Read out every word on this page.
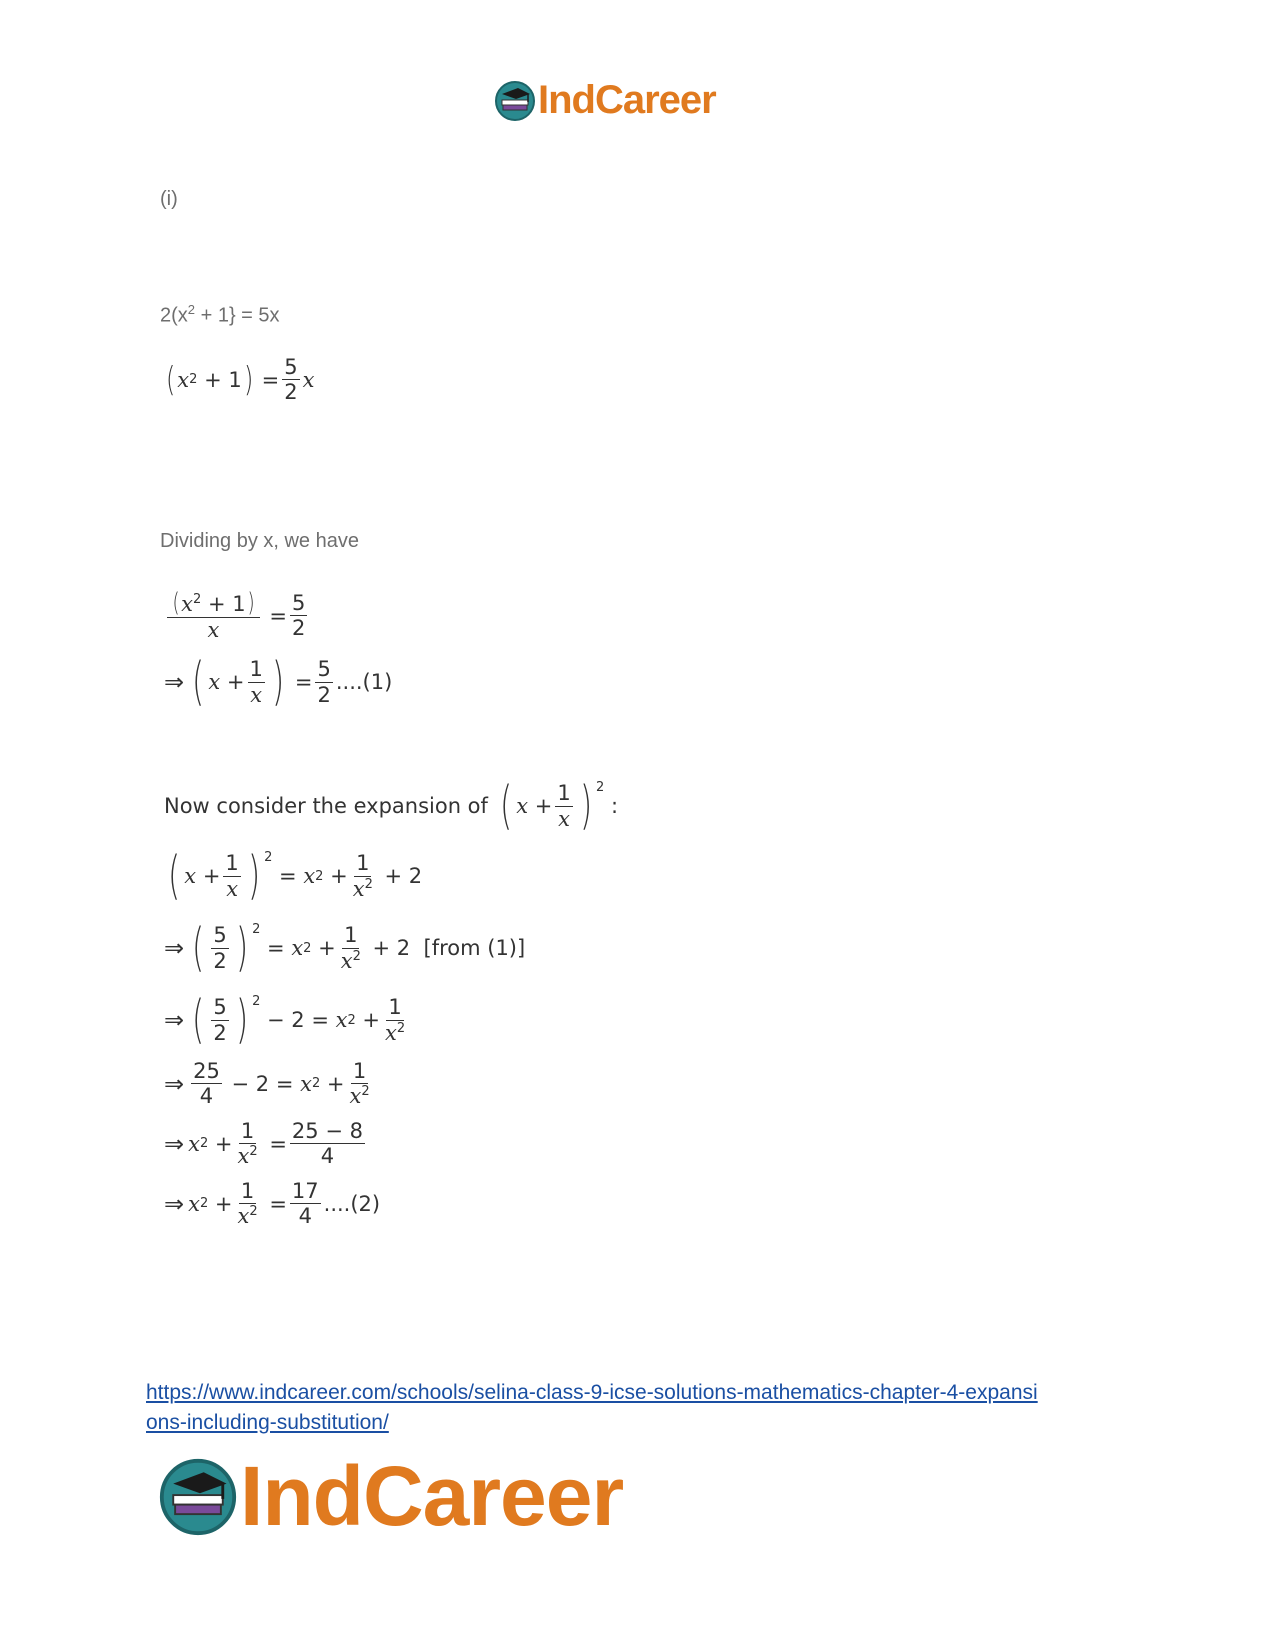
IndCareer
(i)
$2(x^2 + 1\} = 5x$
( x 2 + 1 ) = $\frac{5}{2}$ x
Dividing by x, we have
$\frac{(x^2 + 1)}{x} = \frac{5}{2}$
⇒ ( $x + \frac{1}{x}$ ) = $\frac{5}{2} ....(1)$
Now consider the expansion of ( $x + \frac{1}{x}$ ) $^2$
:
( $x + \frac{1}{x}$ ) $^2$
= x $2 + \frac{1}{x^2} + 2$
⇒ ( $\frac{5}{2}$ ) $^2$
= x $2 + \frac{1}{x^2} + 2$ [from (1)]
⇒ ( $\frac{5}{2}$ ) $^2$
− 2 = x $2 + \frac{1}{x^2}$
⇒ $\frac{25}{4} - 2 = x$ $2 + \frac{1}{x^2}$
⇒ x $2 + \frac{1}{x^2} = \frac{25 - 8}{4}$
⇒ x $2 + \frac{1}{x^2} = \frac{17}{4} ....(2)$
https://www.indcareer.com/schools/selina-class-9-icse-solutions-mathematics-chapter-4-expansi
ons-including-substitution/
IndCareer
